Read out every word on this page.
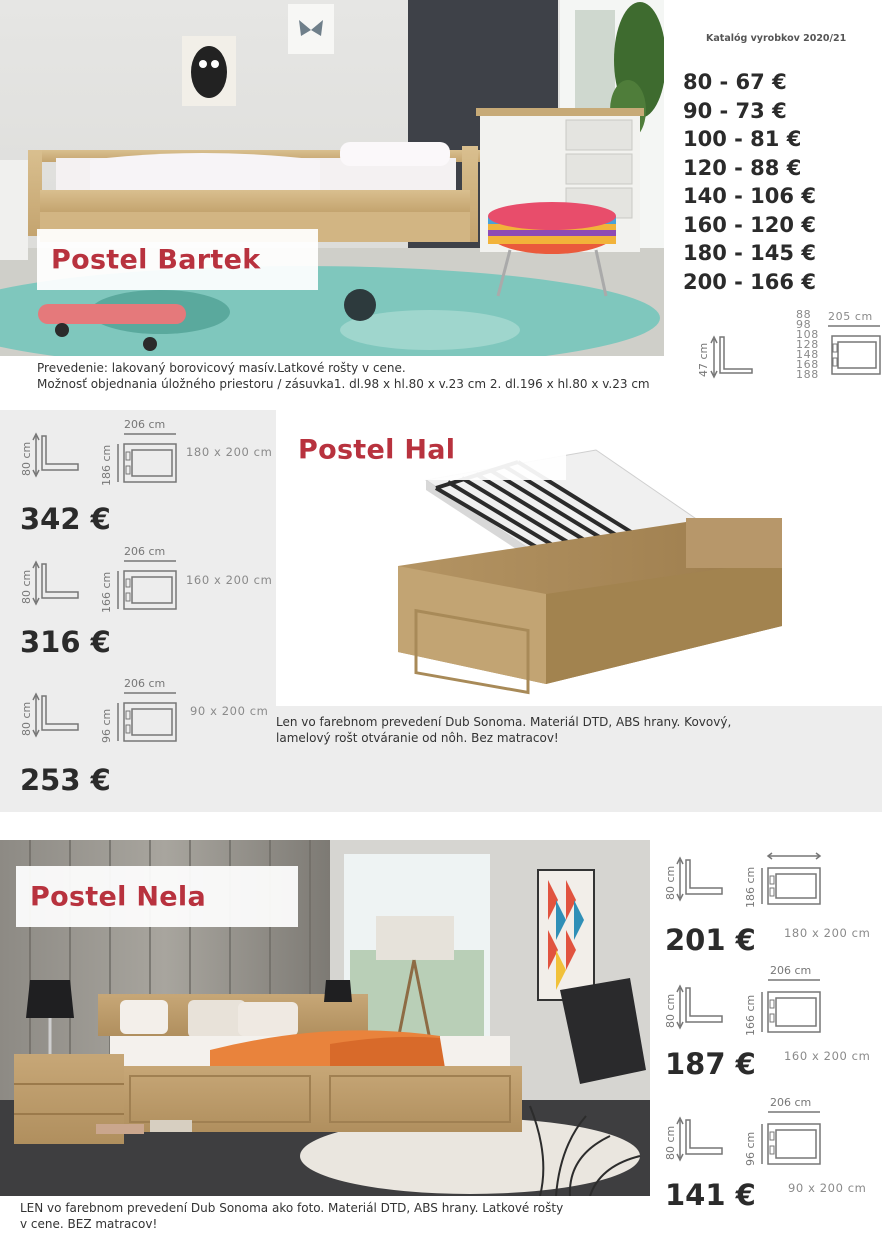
Postel Bartek
Katalóg vyrobkov 2020/21
80 - 67 €
90 - 73 €
100 - 81 €
120 - 88 €
140 - 106 €
160 - 120 €
180 - 145 €
200 - 166 €
47 cm
88
98
108
128
148
168
188
205 cm
Prevedenie: lakovaný borovicový masív.Latkové rošty v cene.
Možnosť objednania úložného priestoru / zásuvka1. dl.98 x hl.80 x v.23 cm 2. dl.196 x hl.80 x v.23 cm
Postel Hal
80 cm
206 cm
186 cm	180 x 200 cm
342 €
80 cm
206 cm
166 cm	160 x 200 cm
316 €
80 cm
206 cm
96 cm	90 x 200 cm
253 €
Len vo farebnom prevedení Dub Sonoma. Materiál DTD, ABS hrany. Kovový,
lamelový rošt otváranie od nôh. Bez matracov!
Postel Nela	80 cm	186 cm
201 € 180 x 200 cm
80 cm
206 cm
166 cm
187 € 160 x 200 cm
80 cm
206 cm
96 cm
141 €	90 x 200 cm
LEN vo farebnom prevedení Dub Sonoma ako foto. Materiál DTD, ABS hrany. Latkové rošty
v cene. BEZ matracov!
